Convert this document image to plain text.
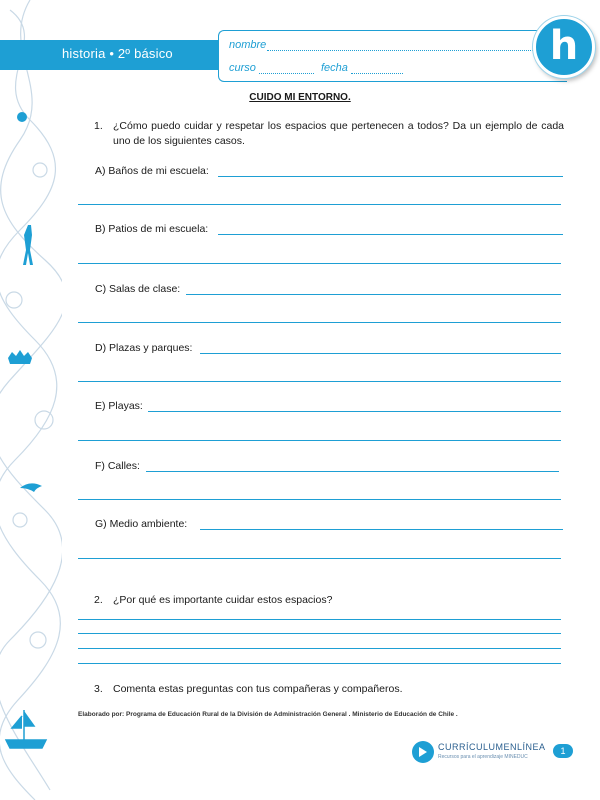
historia • 2º básico
nombre
curso	fecha	h
CUIDO MI ENTORNO.
1. ¿Cómo puedo cuidar y respetar los espacios que pertenecen a todos? Da un ejemplo de cada uno de los siguientes casos.
A) Baños de mi escuela:
B) Patios de mi escuela:
C) Salas de clase:
D) Plazas y parques:
E) Playas:
F) Calles:
G) Medio ambiente:
2. ¿Por qué es importante cuidar estos espacios?
3. Comenta estas preguntas con tus compañeras y compañeros.
Elaborado por: Programa de Educación Rural de la División de Administración General . Ministerio de Educación de Chile .
CURRÍCULUMENLÍNEA
Recursos para el aprendizaje MINEDUC
1
